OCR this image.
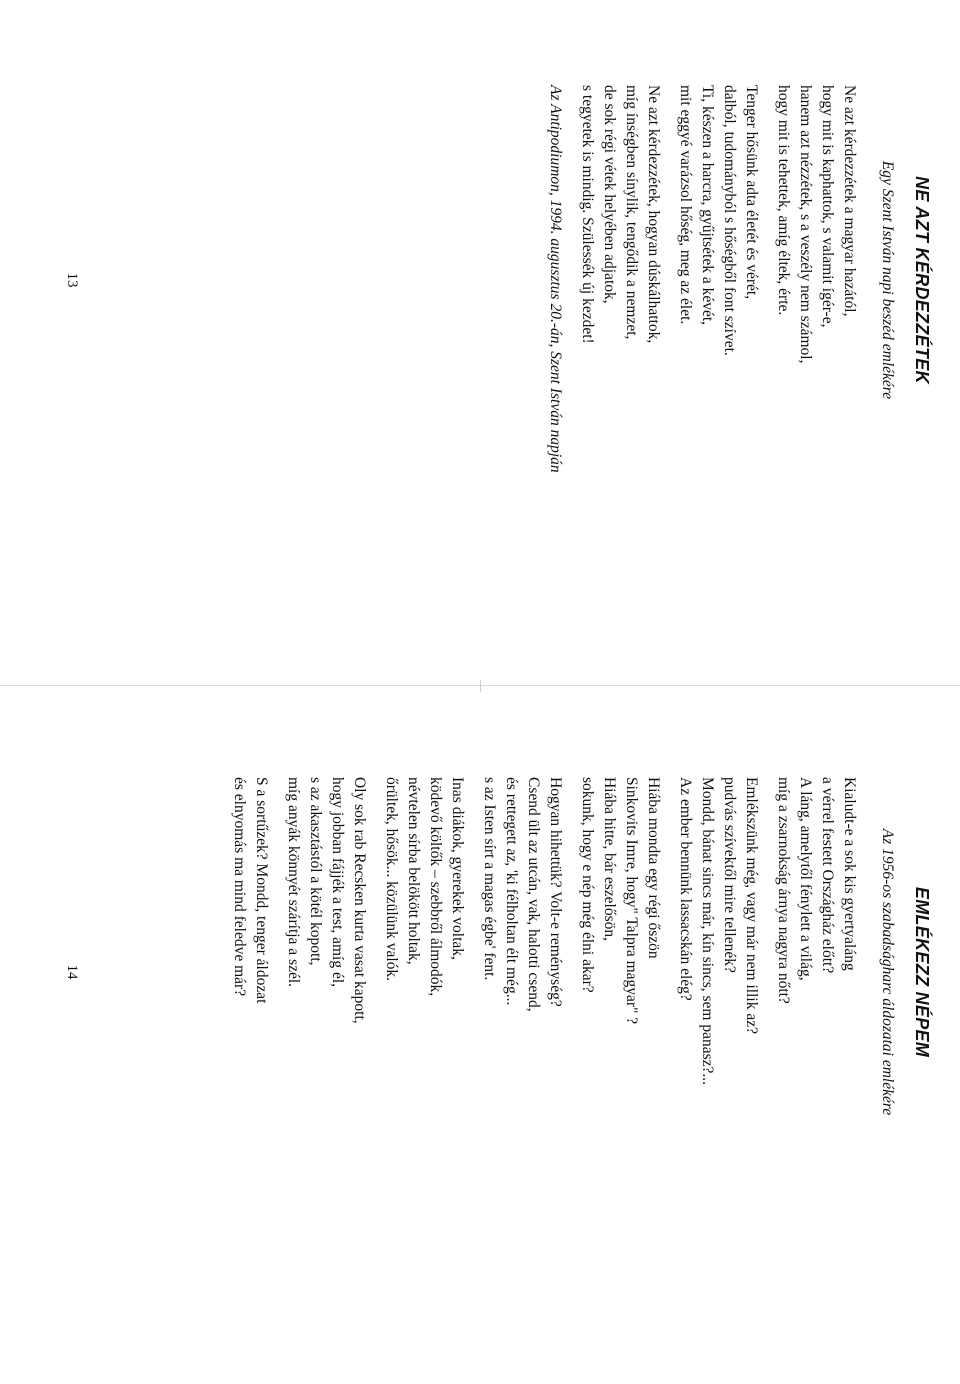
NE AZT KÉRDEZZÉTEK

Egy Szent István napi beszéd emlékére

Ne azt kérdezzétek a magyar hazától,
hogy mit is kaphattok, s valamit ígér-e,
hanem azt nézzétek, s a veszély nem számol,
hogy mit is tehettek, amíg éltek, érte.
Tenger hősünk adta életét és vérét,
dalból, tudományból s hőségből font szívet.
Ti, készen a harcra, gyűjtsétek a kévét,
mit eggyé varázsol hőség, meg az élet.
Ne azt kérdezzétek, hogyan dúskálhattok,
míg ínségben sínylik, tengődik a nemzet,
de sok régi vétek helyében adjatok,
s tegyetek is mindig. Szülessék új kezdet!
Az Antipodiumon, 1994. augusztus 20.-án, Szent István napján
13
EMLÉKEZZ NÉPEM

Az 1956-os szabadságharc áldozatai emlékére

Kialudt-e a sok kis gyertyaláng
a vérrel festett Országház előtt?
A láng, amelytől fénylett a világ,
míg a zsarnokság árnya nagyra nőtt?
Emlékszünk még, vagy már nem illik az?
pudvás szívektől mire tellenék?
Mondd, bánat sincs már, kín sincs, sem panasz?...
Az ember bennünk lassacskán elég?
Hiába mondta egy régi őszön
Sinkovits Imre, hogy" Talpra magyar" ?
Hiába hitte, bár eszelősön,
sokunk, hogy e nép még élni akar?
Hogyan hihettük? Volt-e reménység?
Csend ült az utcán, vak, halotti csend,
és rettegett az, 'ki félholtan élt még...
s az Isten sírt a magas égbe' fent.
Inas diákok, gyerekek voltak,
ködevő költők – szebbről álmodók,
névtelen sírba belökött holtak,
őrültek, hősök... közülünk valók.
Oly sok rab Recsken kurta vasat kapott,
hogy jobban fájjék a test, amíg él,
s az akasztástól a kötél kopott,
míg anyák könnyét szárítja a szél.
S a sortűzek? Mondd, tenger áldozat
és elnyomás ma mind feledve már?
14
